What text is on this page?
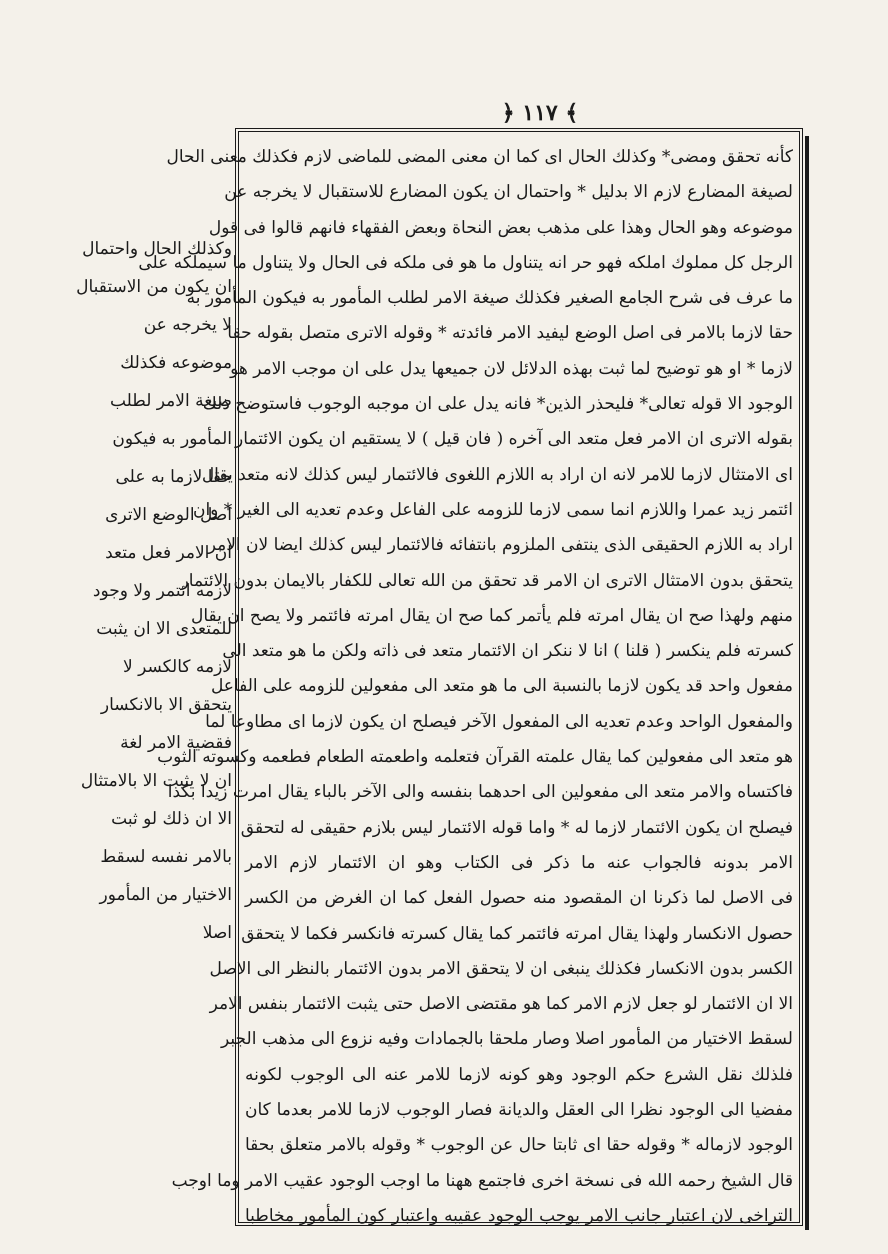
﴿ ١١٧ ﴾
كأنه تحقق ومضى* وكذلك الحال اى كما ان معنى المضى للماضى لازم فكذلك معنى الحال
لصيغة المضارع لازم الا بدليل * واحتمال ان يكون المضارع للاستقبال لا يخرجه عن
موضوعه وهو الحال وهذا على مذهب بعض النحاة وبعض الفقهاء فانهم قالوا فى قول
الرجل كل مملوك املكه فهو حر انه يتناول ما هو فى ملكه فى الحال ولا يتناول ما سيملكه على
ما عرف فى شرح الجامع الصغير فكذلك صيغة الامر لطلب المأمور به فيكون المأمور به
حقا لازما بالامر فى اصل الوضع ليفيد الامر فائدته * وقوله الاترى متصل بقوله حقا
لازما * او هو توضيح لما ثبت بهذه الدلائل لان جميعها يدل على ان موجب الامر هو
الوجود الا قوله تعالى* فليحذر الذين* فانه يدل على ان موجبه الوجوب فاستوضح ذلك
بقوله الاترى ان الامر فعل متعد الى آخره ( فان قيل ) لا يستقيم ان يكون الائتمار
اى الامتثال لازما للامر لانه ان اراد به اللازم اللغوى فالائتمار ليس كذلك لانه متعد يقال
ائتمر زيد عمرا واللازم انما سمى لازما للزومه على الفاعل وعدم تعديه الى الغير * وان
اراد به اللازم الحقيقى الذى ينتفى الملزوم بانتفائه فالائتمار ليس كذلك ايضا لان الامر
يتحقق بدون الامتثال الاترى ان الامر قد تحقق من الله تعالى للكفار بالايمان بدون الائتمار
منهم ولهذا صح ان يقال امرته فلم يأتمر كما صح ان يقال امرته فائتمر ولا يصح ان يقال
كسرته فلم ينكسر ( قلنا ) انا لا ننكر ان الائتمار متعد فى ذاته ولكن ما هو متعد الى
مفعول واحد قد يكون لازما بالنسبة الى ما هو متعد الى مفعولين للزومه على الفاعل
والمفعول الواحد وعدم تعديه الى المفعول الآخر فيصلح ان يكون لازما اى مطاوعا لما
هو متعد الى مفعولين كما يقال علمته القرآن فتعلمه واطعمته الطعام فطعمه وكسوته الثوب
فاكتساه والامر متعد الى مفعولين الى احدهما بنفسه والى الآخر بالباء يقال امرت زيدا بكذا
فيصلح ان يكون الائتمار لازما له * واما قوله الائتمار ليس بلازم حقيقى له لتحقق
الامر بدونه فالجواب عنه ما ذكر فى الكتاب وهو ان الائتمار لازم الامر
فى الاصل لما ذكرنا ان المقصود منه حصول الفعل كما ان الغرض من الكسر
حصول الانكسار ولهذا يقال امرته فائتمر كما يقال كسرته فانكسر فكما لا يتحقق
الكسر بدون الانكسار فكذلك ينبغى ان لا يتحقق الامر بدون الائتمار بالنظر الى الاصل
الا ان الائتمار لو جعل لازم الامر كما هو مقتضى الاصل حتى يثبت الائتمار بنفس الامر
لسقط الاختيار من المأمور اصلا وصار ملحقا بالجمادات وفيه نزوع الى مذهب الجبر
فلذلك نقل الشرع حكم الوجود وهو كونه لازما للامر عنه الى الوجوب لكونه
مفضيا الى الوجود نظرا الى العقل والديانة فصار الوجوب لازما للامر بعدما كان
الوجود لازماله * وقوله حقا اى ثابتا حال عن الوجوب * وقوله بالامر متعلق بحقا
قال الشيخ رحمه الله فى نسخة اخرى فاجتمع ههنا ما اوجب الوجود عقيب الامر وما اوجب
التراخى لان اعتبار جانب الامر يوجب الوجود عقيبه واعتبار كون المأمور مخاطبا
وكذلك الحال واحتمال
ان يكون من الاستقبال
لا يخرجه عن
موضوعه فكذلك
صيغة الامر لطلب
المأمور به فيكون
حقا لازما به على
اصل الوضع الاترى
ان الامر فعل متعد
لازمه ائتمر ولا وجود
للمتعدى الا ان يثبت
لازمه كالكسر لا
يتحقق الا بالانكسار
فقضية الامر لغة
ان لا يثبت الا بالامتثال
الا ان ذلك لو ثبت
بالامر نفسه لسقط
الاختيار من المأمور
اصلا
